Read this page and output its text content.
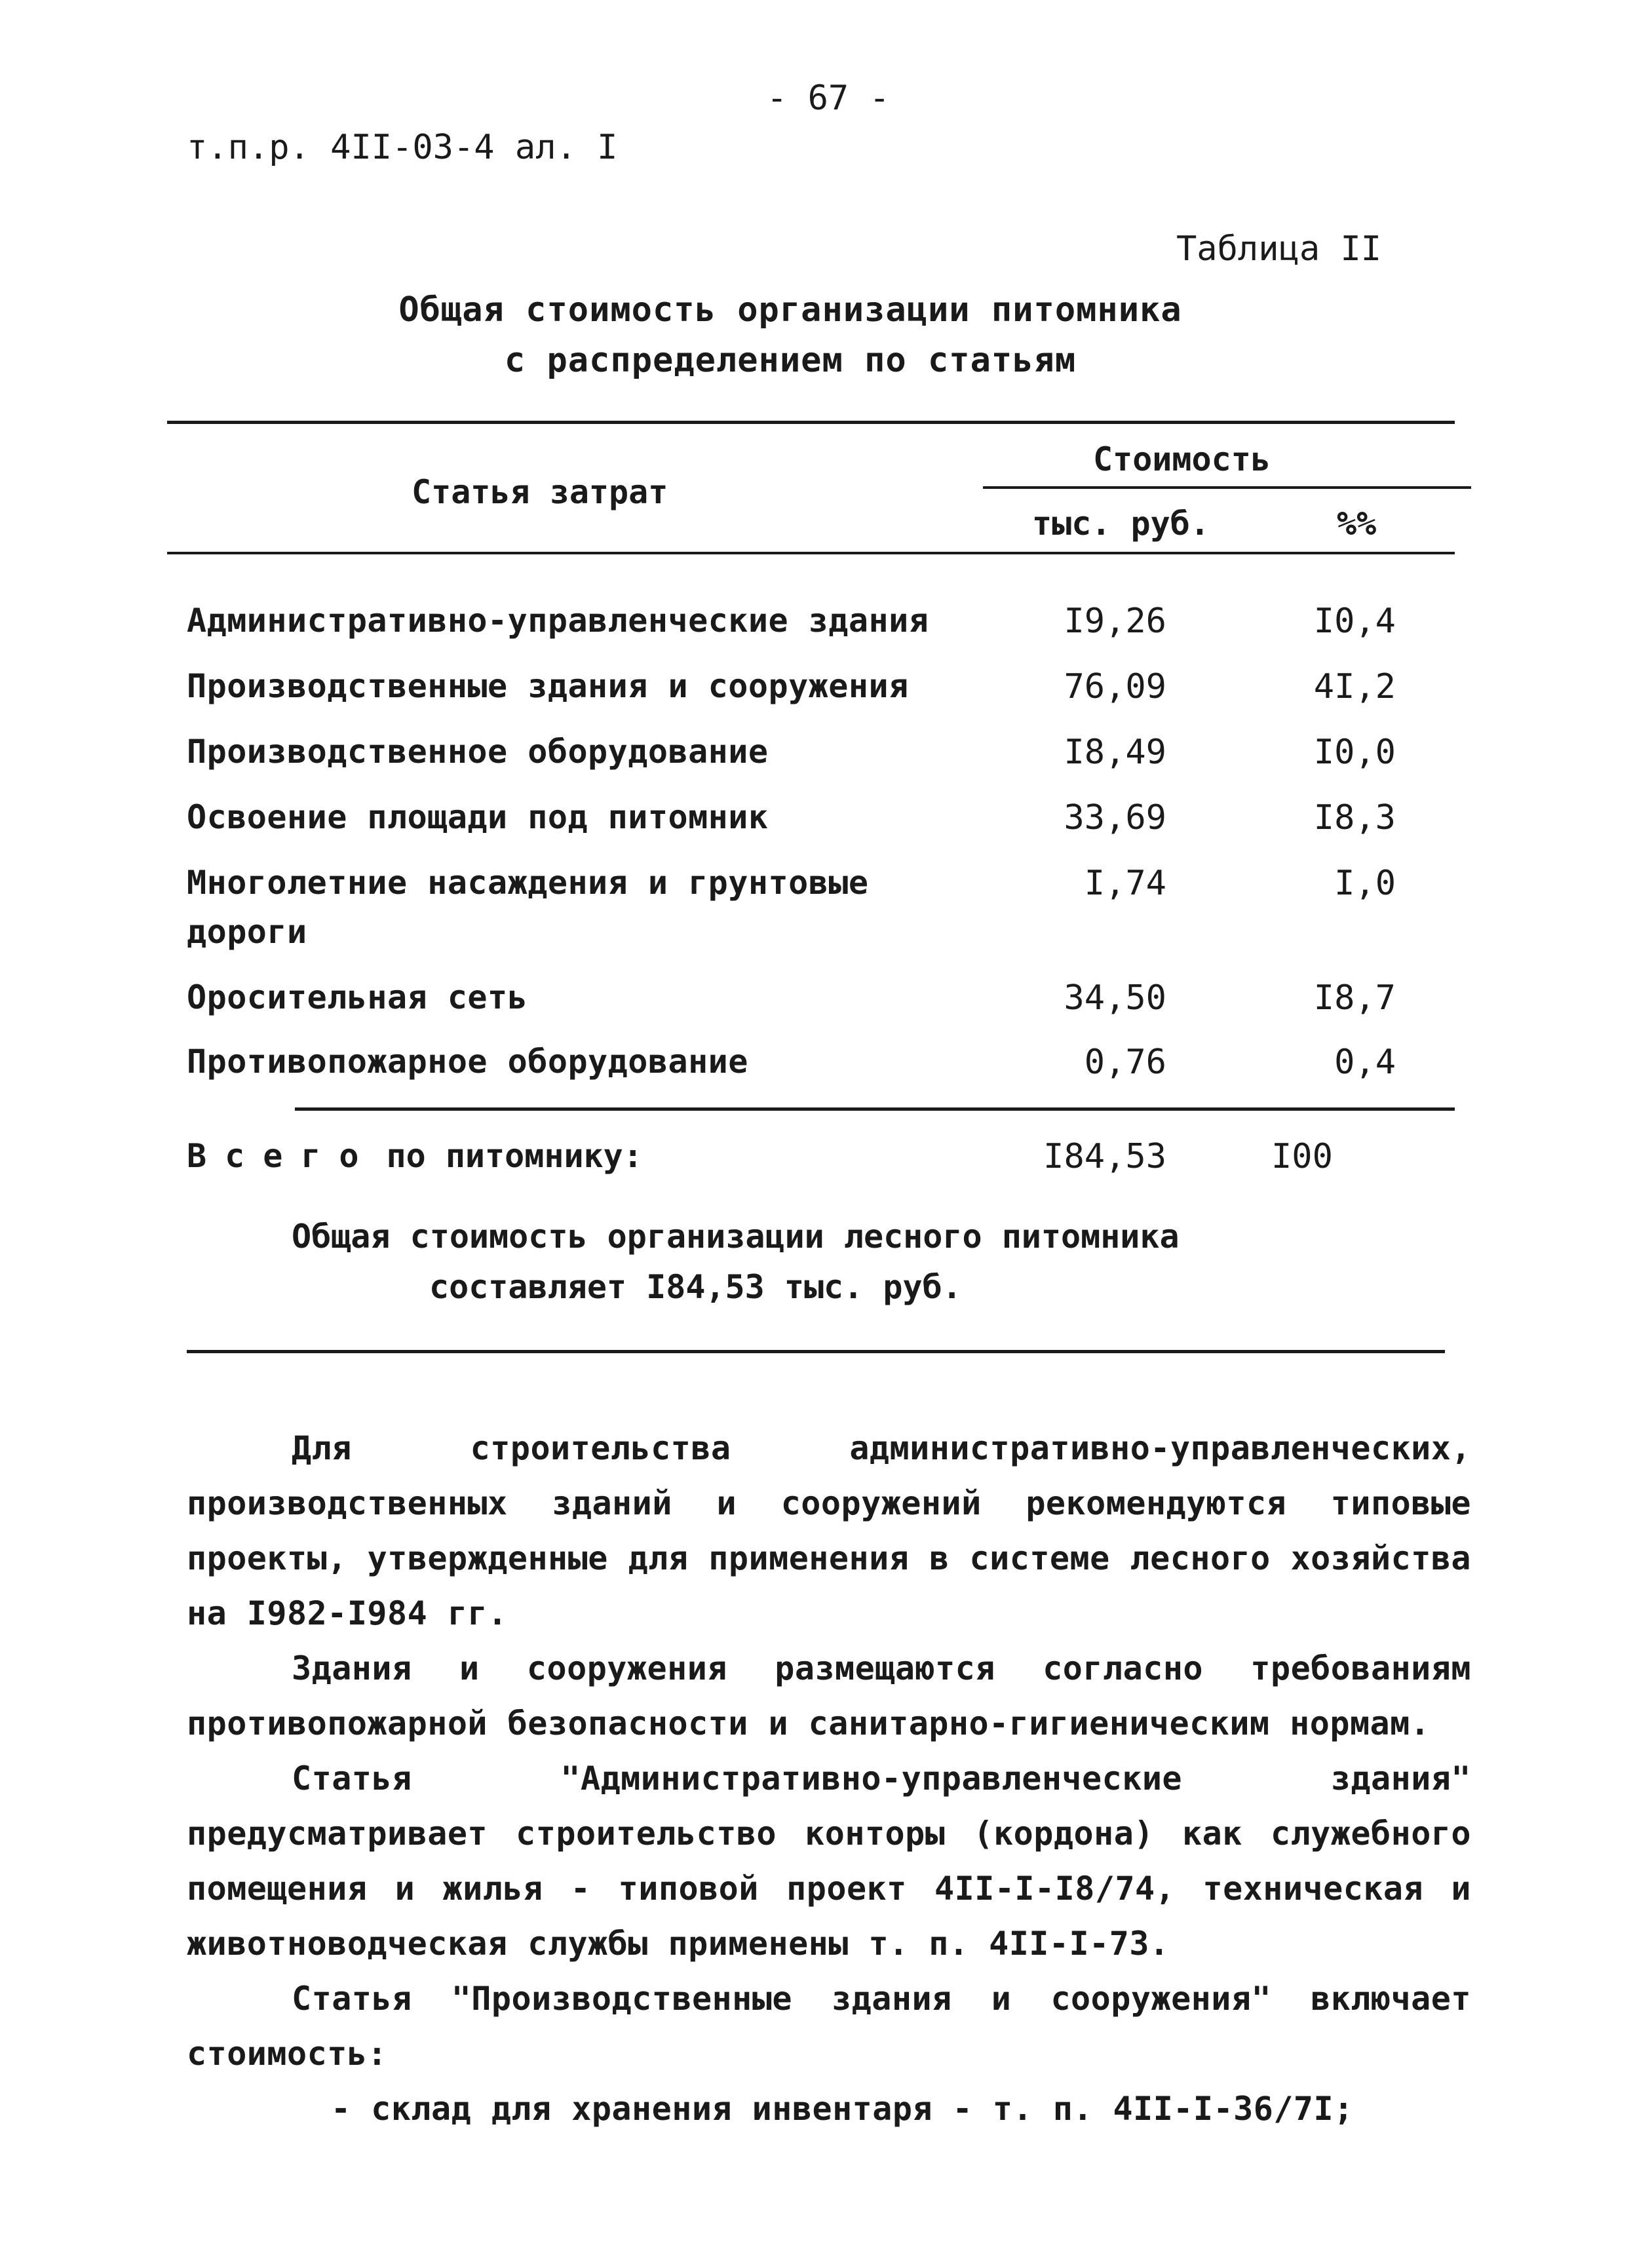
- 67 -
т.п.р. 4II-03-4 ал. I
Таблица II
Общая стоимость организации питомника
с распределением по статьям
Статья затрат
Стоимость
тыс. руб.	%%
Административно-управленческие здания	I9,26	I0,4
Производственные здания и сооружения	76,09	4I,2
Производственное оборудование	I8,49	I0,0
Освоение площади под питомник	33,69	I8,3
Многолетние насаждения и грунтовые
дороги
I,74	I,0
Оросительная сеть	34,50	I8,7
Противопожарное оборудование	0,76	0,4
Всего по питомнику:	I84,53	I00
Общая стоимость организации лесного питомника
составляет I84,53 тыс. руб.

Для строительства административно-управленческих, производственных зданий и сооружений рекомендуются типовые проекты, утвержденные для применения в системе лесного хозяйства на I982-I984 гг.

Здания и сооружения размещаются согласно требованиям противопожарной безопасности и санитарно-гигиеническим нормам.

Статья "Административно-управленческие здания" предусматривает строительство конторы (кордона) как служебного помещения и жилья - типовой проект 4II-I-I8/74, техническая и животноводческая службы применены т. п. 4II-I-73.

Статья "Производственные здания и сооружения" включает стоимость:

- склад для хранения инвентаря - т. п. 4II-I-36/7I;
